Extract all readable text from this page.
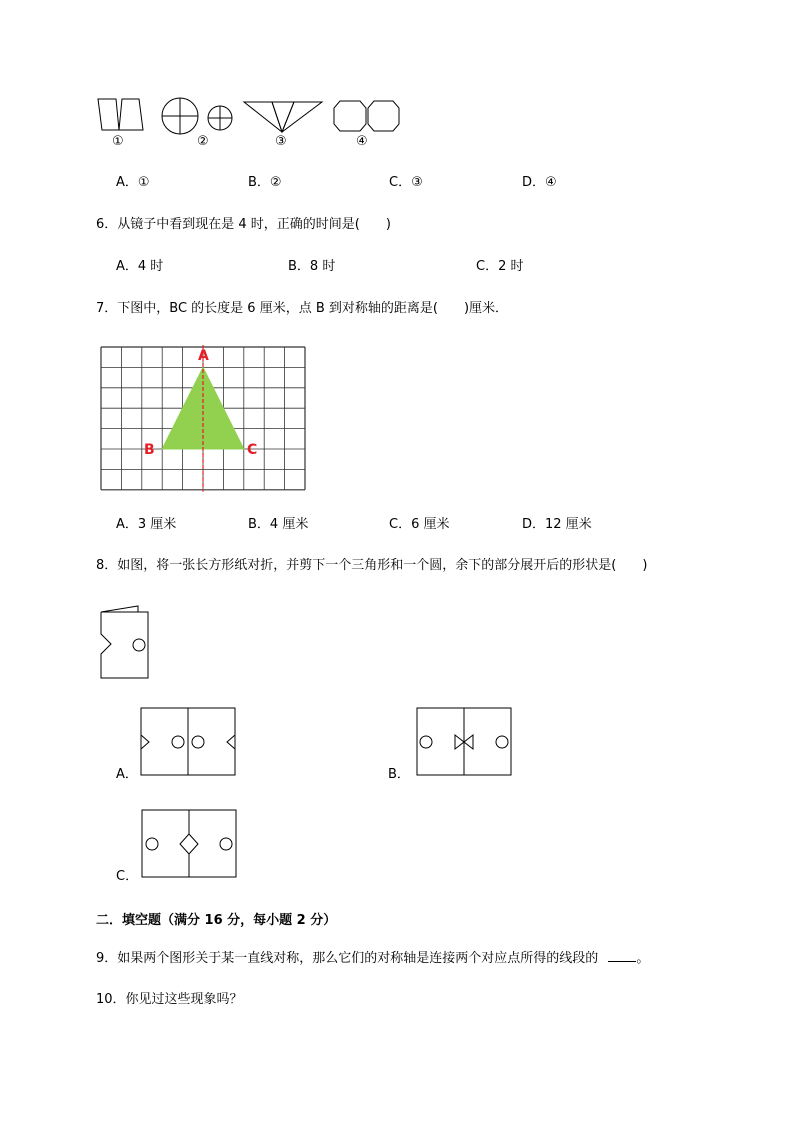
①	②	③	④
A．①	B．②	C．③	D．④
6．从镜子中看到现在是 4 时，正确的时间是(　　)
A．4 时	B．8 时	C．2 时
7．下图中，BC 的长度是 6 厘米，点 B 到对称轴的距离是(　　)厘米．
A
B	C
A．3 厘米	B．4 厘米	C．6 厘米	D．12 厘米
8．如图，将一张长方形纸对折，并剪下一个三角形和一个圆，余下的部分展开后的形状是(　　)
A．	B．
C．
二．填空题（满分 16 分，每小题 2 分）
9．如果两个图形关于某一直线对称，那么它们的对称轴是连接两个对应点所得的线段的	。
10．你见过这些现象吗？
